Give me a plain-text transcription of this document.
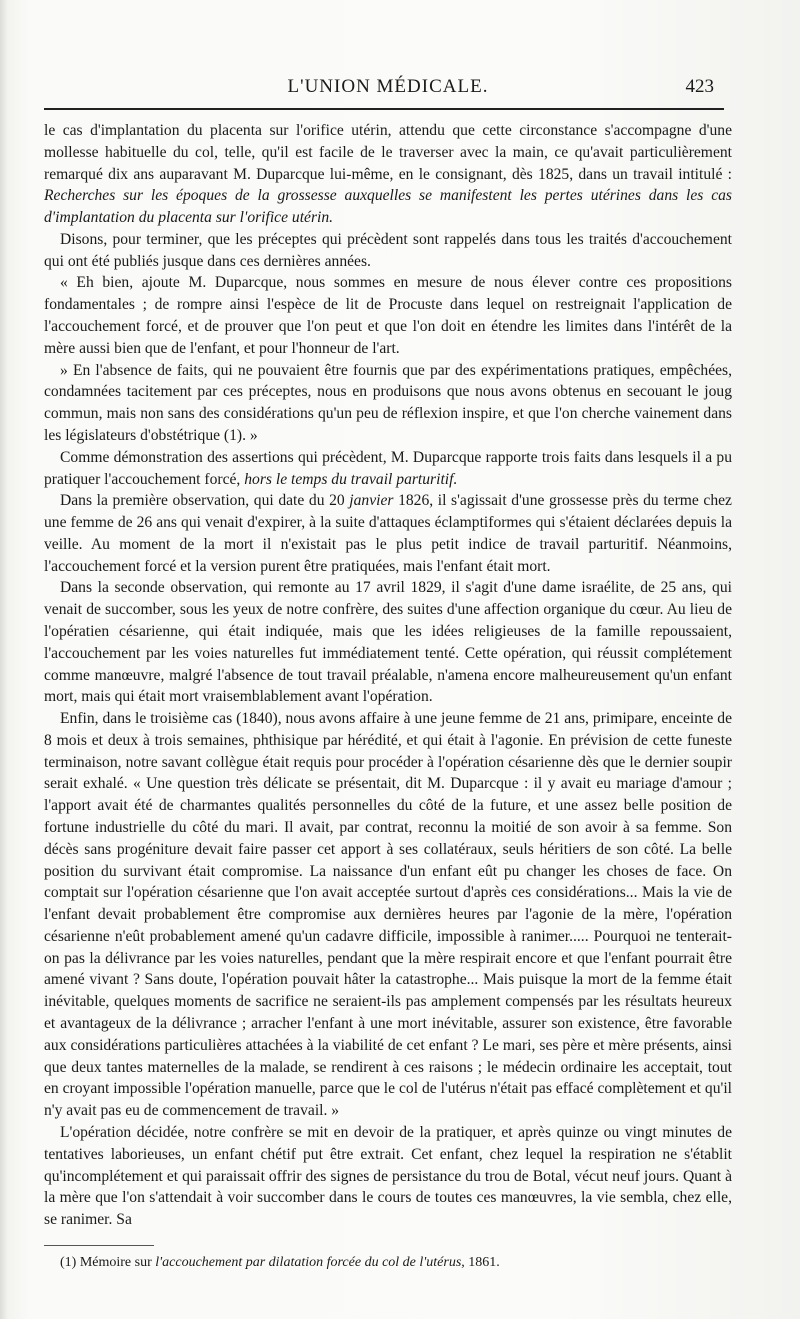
L'UNION MÉDICALE.	423

le cas d'implantation du placenta sur l'orifice utérin, attendu que cette circonstance s'accompagne d'une mollesse habituelle du col, telle, qu'il est facile de le traverser avec la main, ce qu'avait particulièrement remarqué dix ans auparavant M. Duparcque lui-même, en le consignant, dès 1825, dans un travail intitulé : Recherches sur les époques de la grossesse auxquelles se manifestent les pertes utérines dans les cas d'implantation du placenta sur l'orifice utérin.

Disons, pour terminer, que les préceptes qui précèdent sont rappelés dans tous les traités d'accouchement qui ont été publiés jusque dans ces dernières années.

« Eh bien, ajoute M. Duparcque, nous sommes en mesure de nous élever contre ces propositions fondamentales ; de rompre ainsi l'espèce de lit de Procuste dans lequel on restreignait l'application de l'accouchement forcé, et de prouver que l'on peut et que l'on doit en étendre les limites dans l'intérêt de la mère aussi bien que de l'enfant, et pour l'honneur de l'art.

» En l'absence de faits, qui ne pouvaient être fournis que par des expérimentations pratiques, empêchées, condamnées tacitement par ces préceptes, nous en produisons que nous avons obtenus en secouant le joug commun, mais non sans des considérations qu'un peu de réflexion inspire, et que l'on cherche vainement dans les législateurs d'obstétrique (1). »

Comme démonstration des assertions qui précèdent, M. Duparcque rapporte trois faits dans lesquels il a pu pratiquer l'accouchement forcé, hors le temps du travail parturitif.

Dans la première observation, qui date du 20 janvier 1826, il s'agissait d'une grossesse près du terme chez une femme de 26 ans qui venait d'expirer, à la suite d'attaques éclamptiformes qui s'étaient déclarées depuis la veille. Au moment de la mort il n'existait pas le plus petit indice de travail parturitif. Néanmoins, l'accouchement forcé et la version purent être pratiquées, mais l'enfant était mort.

Dans la seconde observation, qui remonte au 17 avril 1829, il s'agit d'une dame israélite, de 25 ans, qui venait de succomber, sous les yeux de notre confrère, des suites d'une affection organique du cœur. Au lieu de l'opératien césarienne, qui était indiquée, mais que les idées religieuses de la famille repoussaient, l'accouchement par les voies naturelles fut immédiatement tenté. Cette opération, qui réussit complétement comme manœuvre, malgré l'absence de tout travail préalable, n'amena encore malheureusement qu'un enfant mort, mais qui était mort vraisemblablement avant l'opération.

Enfin, dans le troisième cas (1840), nous avons affaire à une jeune femme de 21 ans, primipare, enceinte de 8 mois et deux à trois semaines, phthisique par hérédité, et qui était à l'agonie. En prévision de cette funeste terminaison, notre savant collègue était requis pour procéder à l'opération césarienne dès que le dernier soupir serait exhalé. « Une question très délicate se présentait, dit M. Duparcque : il y avait eu mariage d'amour ; l'apport avait été de charmantes qualités personnelles du côté de la future, et une assez belle position de fortune industrielle du côté du mari. Il avait, par contrat, reconnu la moitié de son avoir à sa femme. Son décès sans progéniture devait faire passer cet apport à ses collatéraux, seuls héritiers de son côté. La belle position du survivant était compromise. La naissance d'un enfant eût pu changer les choses de face. On comptait sur l'opération césarienne que l'on avait acceptée surtout d'après ces considérations... Mais la vie de l'enfant devait probablement être compromise aux dernières heures par l'agonie de la mère, l'opération césarienne n'eût probablement amené qu'un cadavre difficile, impossible à ranimer..... Pourquoi ne tenterait-on pas la délivrance par les voies naturelles, pendant que la mère respirait encore et que l'enfant pourrait être amené vivant ? Sans doute, l'opération pouvait hâter la catastrophe... Mais puisque la mort de la femme était inévitable, quelques moments de sacrifice ne seraient-ils pas amplement compensés par les résultats heureux et avantageux de la délivrance ; arracher l'enfant à une mort inévitable, assurer son existence, être favorable aux considérations particulières attachées à la viabilité de cet enfant ? Le mari, ses père et mère présents, ainsi que deux tantes maternelles de la malade, se rendirent à ces raisons ; le médecin ordinaire les acceptait, tout en croyant impossible l'opération manuelle, parce que le col de l'utérus n'était pas effacé complètement et qu'il n'y avait pas eu de commencement de travail. »

L'opération décidée, notre confrère se mit en devoir de la pratiquer, et après quinze ou vingt minutes de tentatives laborieuses, un enfant chétif put être extrait. Cet enfant, chez lequel la respiration ne s'établit qu'incomplétement et qui paraissait offrir des signes de persistance du trou de Botal, vécut neuf jours. Quant à la mère que l'on s'attendait à voir succomber dans le cours de toutes ces manœuvres, la vie sembla, chez elle, se ranimer. Sa

(1) Mémoire sur l'accouchement par dilatation forcée du col de l'utérus, 1861.
